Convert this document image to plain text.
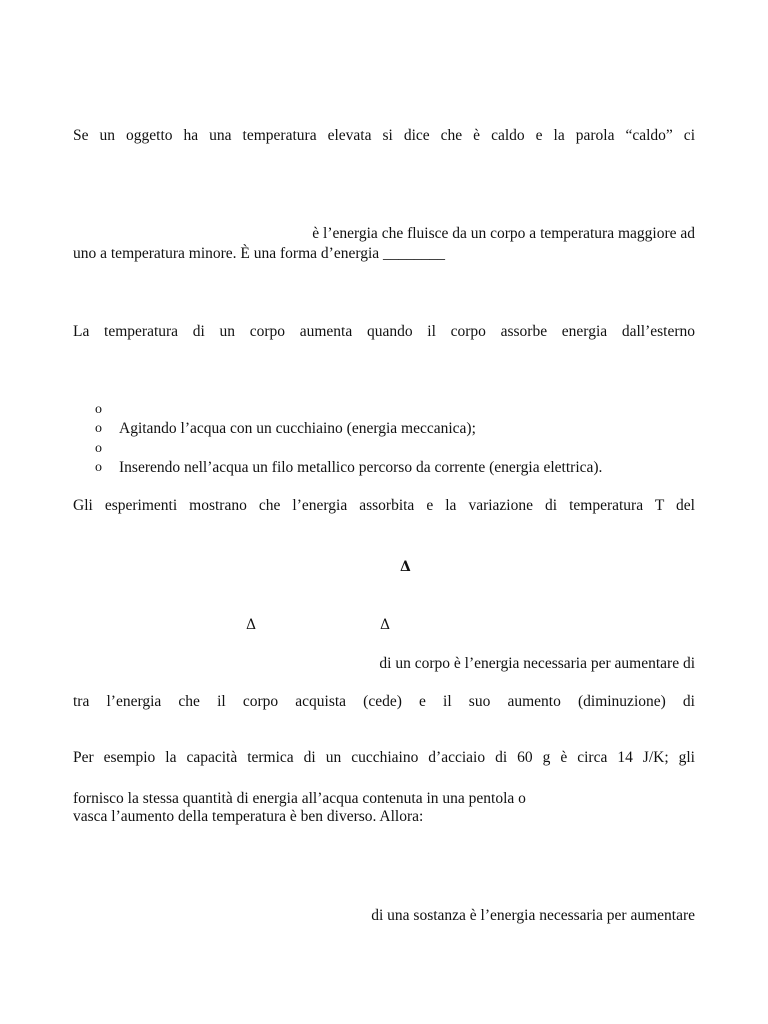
Se un oggetto ha una temperatura elevata si dice che è caldo e la parola “caldo” ci
è l’energia che fluisce da un corpo a temperatura maggiore ad
uno a temperatura minore. È una forma d’energia ________
La temperatura di un corpo aumenta quando il corpo assorbe energia dall’esterno
o
o Agitando l’acqua con un cucchiaino (energia meccanica);
o
o Inserendo nell’acqua un filo metallico percorso da corrente (energia elettrica).
Gli esperimenti mostrano che l’energia assorbita e la variazione di temperatura T del
Δ
Δ	Δ
di un corpo è l’energia necessaria per aumentare di
tra l’energia che il corpo acquista (cede) e il suo aumento (diminuzione) di
Per esempio la capacità termica di un cucchiaino d’acciaio di 60 g è circa 14 J/K; gli
fornisco la stessa quantità di energia all’acqua contenuta in una pentola o
vasca l’aumento della temperatura è ben diverso. Allora:
di una sostanza è l’energia necessaria per aumentare
